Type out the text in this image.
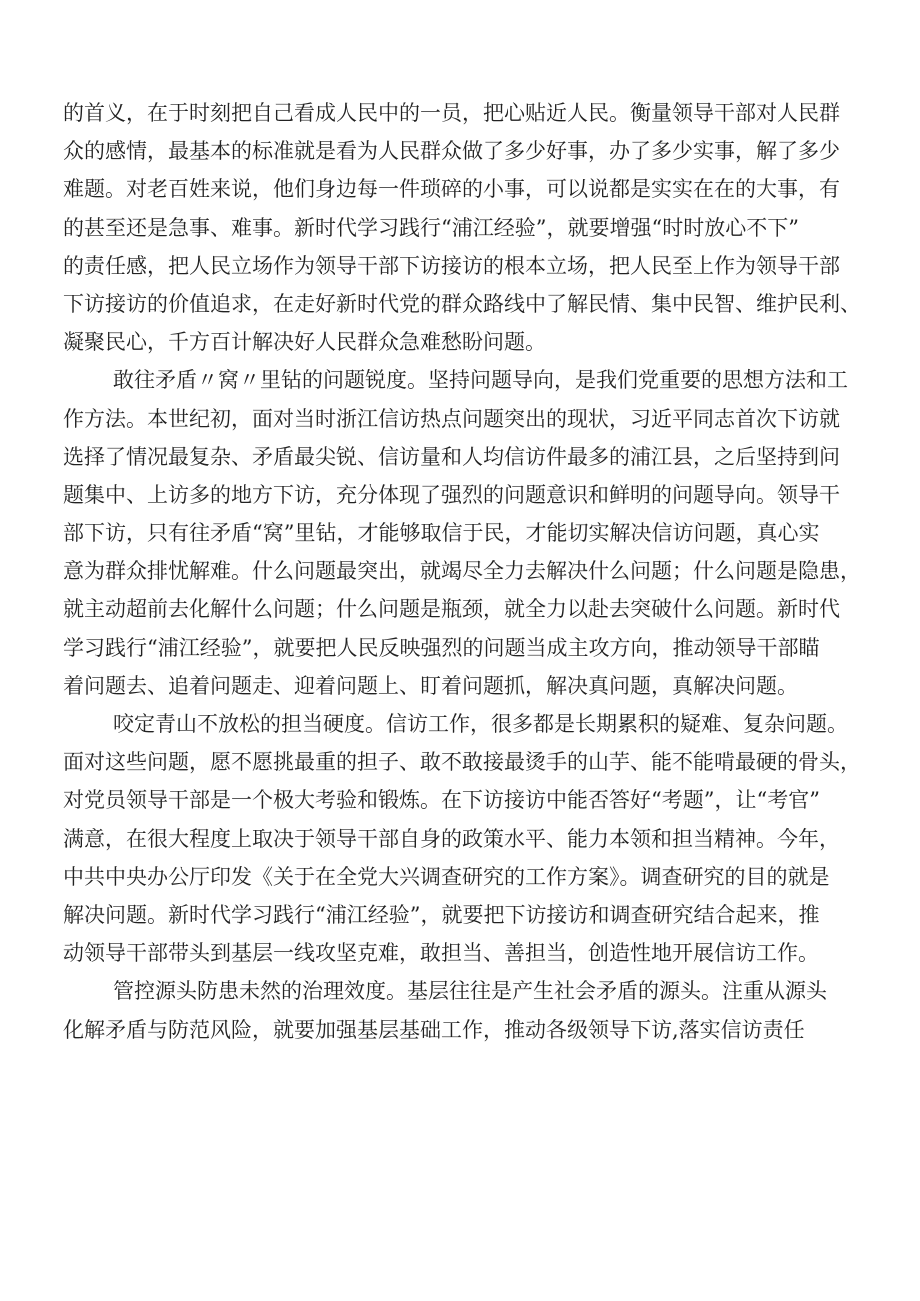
的首义，在于时刻把自己看成人民中的一员，把心贴近人民。衡量领导干部对人民群
众的感情，最基本的标准就是看为人民群众做了多少好事，办了多少实事，解了多少
难题。对老百姓来说，他们身边每一件琐碎的小事，可以说都是实实在在的大事，有
的甚至还是急事、难事。新时代学习践行“浦江经验”，就要增强“时时放心不下”
的责任感，把人民立场作为领导干部下访接访的根本立场，把人民至上作为领导干部
下访接访的价值追求，在走好新时代党的群众路线中了解民情、集中民智、维护民利、
凝聚民心，千方百计解决好人民群众急难愁盼问题。
敢往矛盾〃窝〃里钻的问题锐度。坚持问题导向，是我们党重要的思想方法和工
作方法。本世纪初，面对当时浙江信访热点问题突出的现状，习近平同志首次下访就
选择了情况最复杂、矛盾最尖锐、信访量和人均信访件最多的浦江县，之后坚持到问
题集中、上访多的地方下访，充分体现了强烈的问题意识和鲜明的问题导向。领导干
部下访，只有往矛盾“窝”里钻，才能够取信于民，才能切实解决信访问题，真心实
意为群众排忧解难。什么问题最突出，就竭尽全力去解决什么问题；什么问题是隐患，
就主动超前去化解什么问题；什么问题是瓶颈，就全力以赴去突破什么问题。新时代
学习践行“浦江经验”，就要把人民反映强烈的问题当成主攻方向，推动领导干部瞄
着问题去、追着问题走、迎着问题上、盯着问题抓，解决真问题，真解决问题。
咬定青山不放松的担当硬度。信访工作，很多都是长期累积的疑难、复杂问题。
面对这些问题，愿不愿挑最重的担子、敢不敢接最烫手的山芋、能不能啃最硬的骨头，
对党员领导干部是一个极大考验和锻炼。在下访接访中能否答好“考题”，让“考官”
满意，在很大程度上取决于领导干部自身的政策水平、能力本领和担当精神。今年，
中共中央办公厅印发《关于在全党大兴调查研究的工作方案》。调查研究的目的就是
解决问题。新时代学习践行“浦江经验”，就要把下访接访和调查研究结合起来，推
动领导干部带头到基层一线攻坚克难，敢担当、善担当，创造性地开展信访工作。
管控源头防患未然的治理效度。基层往往是产生社会矛盾的源头。注重从源头
化解矛盾与防范风险，就要加强基层基础工作，推动各级领导下访,落实信访责任
